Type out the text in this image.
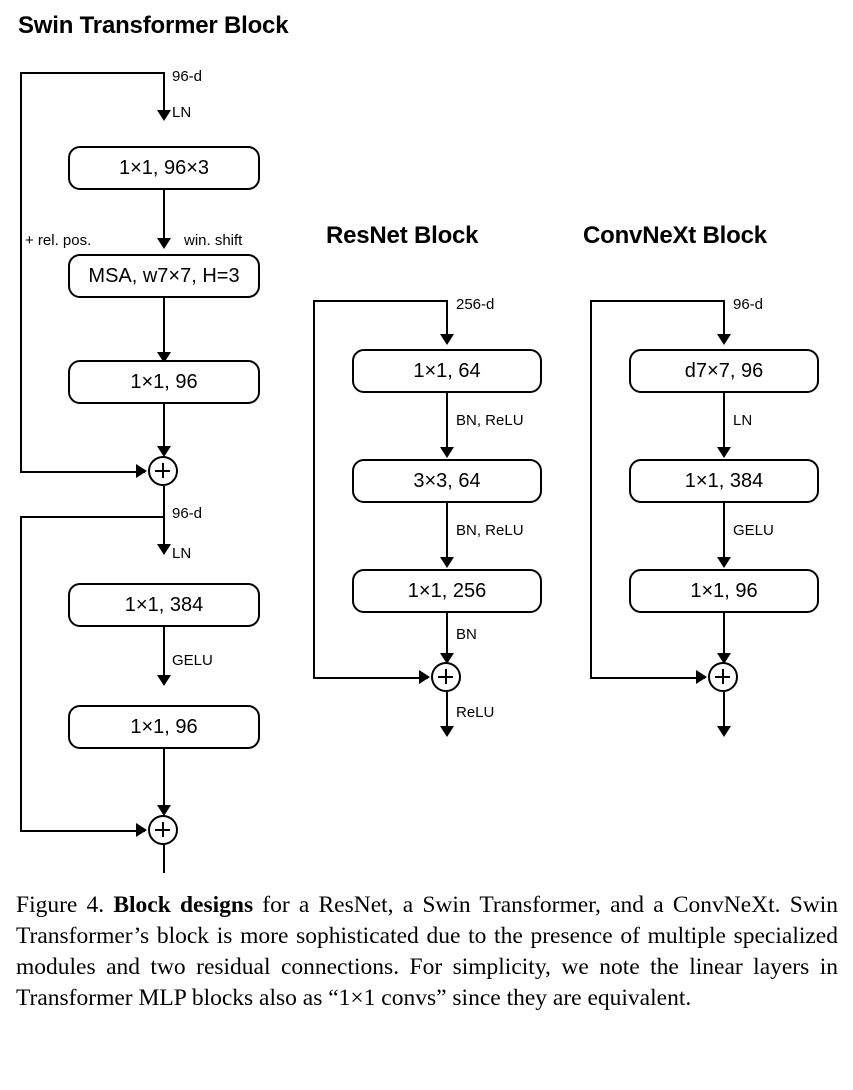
Swin Transformer Block
96-d
LN
1×1, 96×3
+ rel. pos.	win. shift
MSA, w7×7, H=3
1×1, 96
96-d
LN
1×1, 384
GELU
1×1, 96
ResNet Block
256-d
1×1, 64
BN, ReLU
3×3, 64
BN, ReLU
1×1, 256
BN
ReLU
ConvNeXt Block
96-d
d7×7, 96
LN
1×1, 384
GELU
1×1, 96
Figure 4. Block designs for a ResNet, a Swin Transformer, and a ConvNeXt. Swin Transformer’s block is more sophisticated due to the presence of multiple specialized modules and two residual connections. For simplicity, we note the linear layers in Transformer MLP blocks also as “1×1 convs” since they are equivalent.
